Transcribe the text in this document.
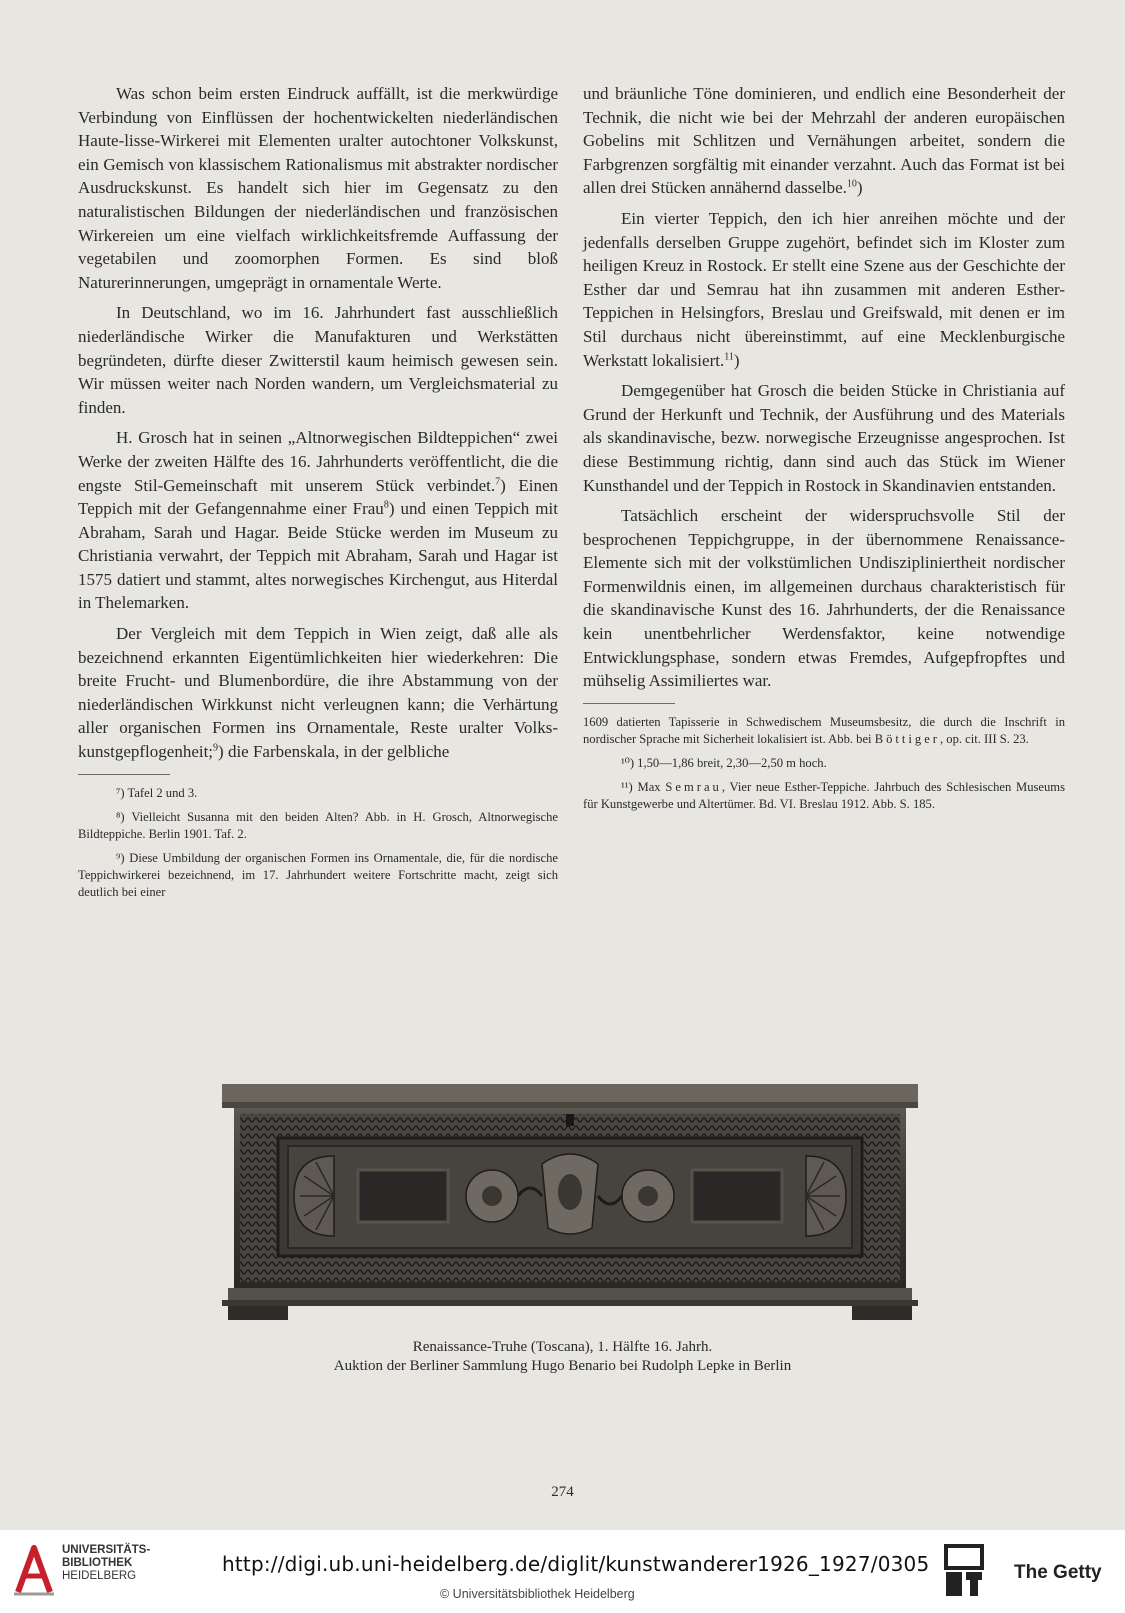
Was schon beim ersten Eindruck auffällt, ist die merkwürdige Verbindung von Einflüssen der hochentwickelten niederländischen Haute-lisse-Wirkerei mit Elementen uralter autochtoner Volkskunst, ein Gemisch von klassischem Rationalismus mit abstrakter nordischer Ausdruckskunst. Es handelt sich hier im Gegensatz zu den naturalistischen Bildungen der niederländischen und französischen Wirkereien um eine vielfach wirklichkeitsfremde Auffassung der vegetabilen und zoomorphen Formen. Es sind bloß Naturerinnerungen, umgeprägt in ornamentale Werte.

In Deutschland, wo im 16. Jahrhundert fast ausschließlich niederländische Wirker die Manufakturen und Werkstätten begründeten, dürfte dieser Zwitterstil kaum heimisch gewesen sein. Wir müssen weiter nach Norden wandern, um Vergleichsmaterial zu finden.

H. Grosch hat in seinen „Altnorwegischen Bildteppichen“ zwei Werke der zweiten Hälfte des 16. Jahrhunderts veröffentlicht, die die engste Stil-Gemeinschaft mit unserem Stück verbindet.$^7$) Einen Teppich mit der Gefangennahme einer Frau$^8$) und einen Teppich mit Abraham, Sarah und Hagar. Beide Stücke werden im Museum zu Christiania verwahrt, der Teppich mit Abraham, Sarah und Hagar ist 1575 datiert und stammt, altes norwegisches Kirchengut, aus Hiterdal in Thelemarken.

Der Vergleich mit dem Teppich in Wien zeigt, daß alle als bezeichnend erkannten Eigentümlichkeiten hier wiederkehren: Die breite Frucht- und Blumenbordüre, die ihre Abstammung von der niederländischen Wirkkunst nicht verleugnen kann; die Verhärtung aller organischen Formen ins Ornamentale, Reste uralter Volkskunstgepflogenheit;$^9$) die Farbenskala, in der gelbliche

⁷) Tafel 2 und 3.

⁸) Vielleicht Susanna mit den beiden Alten? Abb. in H. Grosch, Altnorwegische Bildteppiche. Berlin 1901. Taf. 2.

⁹) Diese Umbildung der organischen Formen ins Ornamentale, die, für die nordische Teppichwirkerei bezeichnend, im 17. Jahrhundert weitere Fortschritte macht, zeigt sich deutlich bei einer

und bräunliche Töne dominieren, und endlich eine Besonderheit der Technik, die nicht wie bei der Mehrzahl der anderen europäischen Gobelins mit Schlitzen und Vernähungen arbeitet, sondern die Farbgrenzen sorgfältig mit einander verzahnt. Auch das Format ist bei allen drei Stücken annähernd dasselbe.$^{10}$)

Ein vierter Teppich, den ich hier anreihen möchte und der jedenfalls derselben Gruppe zugehört, befindet sich im Kloster zum heiligen Kreuz in Rostock. Er stellt eine Szene aus der Geschichte der Esther dar und Semrau hat ihn zusammen mit anderen Esther-Teppichen in Helsingfors, Breslau und Greifswald, mit denen er im Stil durchaus nicht übereinstimmt, auf eine Mecklenburgische Werkstatt lokalisiert.$^{11}$)

Demgegenüber hat Grosch die beiden Stücke in Christiania auf Grund der Herkunft und Technik, der Ausführung und des Materials als skandinavische, bezw. norwegische Erzeugnisse angesprochen. Ist diese Bestimmung richtig, dann sind auch das Stück im Wiener Kunsthandel und der Teppich in Rostock in Skandinavien entstanden.

Tatsächlich erscheint der widerspruchsvolle Stil der besprochenen Teppichgruppe, in der übernommene Renaissance-Elemente sich mit der volkstümlichen Undiszipliniertheit nordischer Formenwildnis einen, im allgemeinen durchaus charakteristisch für die skandinavische Kunst des 16. Jahrhunderts, der die Renaissance kein unentbehrlicher Werdensfaktor, keine notwendige Entwicklungsphase, sondern etwas Fremdes, Aufgepfropftes und mühselig Assimiliertes war.

1609 datierten Tapisserie in Schwedischem Museumsbesitz, die durch die Inschrift in nordischer Sprache mit Sicherheit lokalisiert ist. Abb. bei Böttiger, op. cit. III S. 23.

¹⁰) 1,50—1,86 breit, 2,30—2,50 m hoch.

¹¹) Max Semrau, Vier neue Esther-Teppiche. Jahrbuch des Schlesischen Museums für Kunstgewerbe und Altertümer. Bd. VI. Breslau 1912. Abb. S. 185.

Renaissance-Truhe (Toscana), 1. Hälfte 16. Jahrh.
Auktion der Berliner Sammlung Hugo Benario bei Rudolph Lepke in Berlin
274
UNIVERSITÄTS-
BIBLIOTHEK
HEIDELBERG	http://digi.ub.uni-heidelberg.de/diglit/kunstwanderer1926_1927/0305
© Universitätsbibliothek Heidelberg
The Getty
